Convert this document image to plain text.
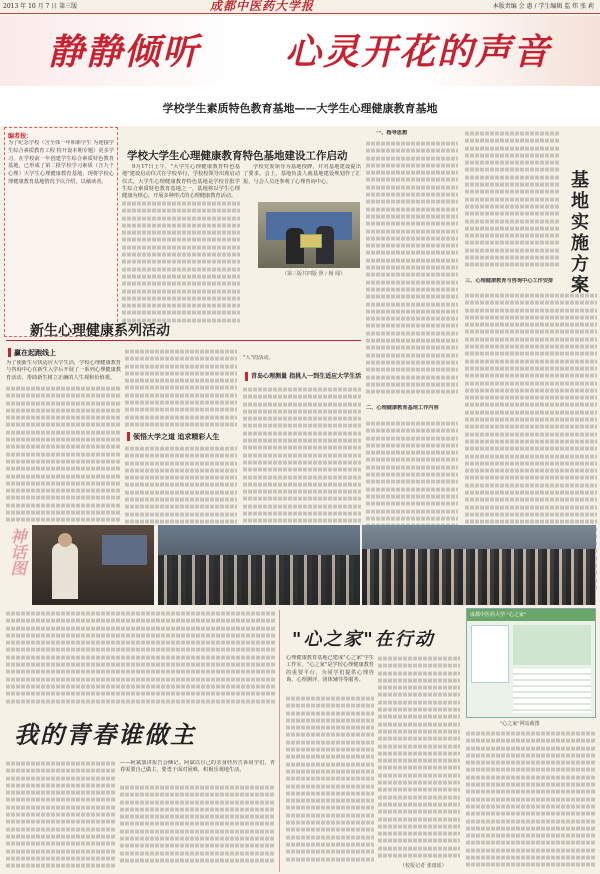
2013 年 10 月 7 日 第三版	成都中医药大学报	本版责编 会 惠 / 学生编辑 监 炜 张 莉
静静倾听 心灵开花的声音
学校学生素质特色教育基地——大学生心理健康教育基地
编者按：
为了纪念学校（含全体一年和新学生 为迎接学生综合素质教育工程 特开设本期专题）更多学习，在学校前一年创建学生综合素质特色教育基地，已形成了第二批学校学习素质（含九个心理）大学生心理健康教育基地，现将学校心理健康教育基地情况予以介绍，以飨读者。
学校大学生心理健康教育特色基地建设工作启动

9月17日上午，"大学生心理健康教育特色基地"建设启动仪式在学校举行，学校校领导出席启动仪式。大学生心理健康教育特色基地是学校首批学生综合素质特色教育基地之一，基地将以学生心理健康为核心，开展多种形式的心理健康教育活动。

学校党委领导为基地授牌，并对基地建设提出了要求。会上，基地负责人就基地建设规划作了汇报，与会人员还参观了心理咨询中心。

（第三版共四版 照 / 杨 闻）

一、指导思想

二、心理健康教育基地工作内容
基地实施方案
三、心理健康教育与咨询中心工作安排
新生心理健康系列活动
赢在起跑线上
为了使新生尽快适应大学生活，学校心理健康教育与咨询中心在新生入学后开展了一系列心理健康教育活动，帮助新生树立正确的人生观和价值观。
领悟大学之道 追求精彩人生
"人"的活动。
青岛心理测量 指挑人一到生适应大学生活
神话图
我的青春谁做主
——阿斌演讲报告会侧记。阿斌以自己的亲身经历告诉同学们，青春需要自己做主，要勇于面对困难，积极乐观地生活。
"心之家"在行动
心理健康教育基地已建成"心之家"学生工作室，"心之家"是学校心理健康教育的重要平台，为同学们提供心理咨询、心理测评、团体辅导等服务。
（校报记者 张雨瑶）
成都中医药大学·"心之家"
"心之家"网站截图
